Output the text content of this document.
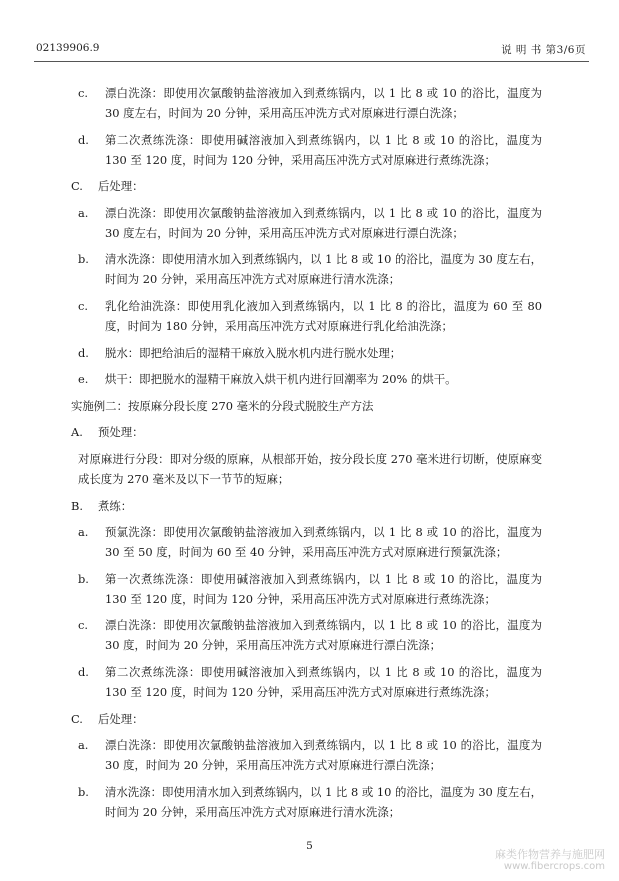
02139906.9	说 明 书 第3/6页
c. 漂白洗涤：即使用次氯酸钠盐溶液加入到煮练锅内，以 1 比 8 或 10 的浴比，温度为 30 度左右，时间为 20 分钟，采用高压冲洗方式对原麻进行漂白洗涤；
d. 第二次煮练洗涤：即使用碱溶液加入到煮练锅内，以 1 比 8 或 10 的浴比，温度为 130 至 120 度，时间为 120 分钟，采用高压冲洗方式对原麻进行煮练洗涤；
C. 后处理：
a. 漂白洗涤：即使用次氯酸钠盐溶液加入到煮练锅内，以 1 比 8 或 10 的浴比，温度为 30 度左右，时间为 20 分钟，采用高压冲洗方式对原麻进行漂白洗涤；
b. 清水洗涤：即使用清水加入到煮练锅内，以 1 比 8 或 10 的浴比，温度为 30 度左右，时间为 20 分钟，采用高压冲洗方式对原麻进行清水洗涤；
c. 乳化给油洗涤：即使用乳化液加入到煮练锅内，以 1 比 8 的浴比，温度为 60 至 80 度，时间为 180 分钟，采用高压冲洗方式对原麻进行乳化给油洗涤；
d. 脱水：即把给油后的湿精干麻放入脱水机内进行脱水处理；
e. 烘干：即把脱水的湿精干麻放入烘干机内进行回潮率为 20% 的烘干。
实施例二：按原麻分段长度 270 毫米的分段式脱胶生产方法
A. 预处理：
对原麻进行分段：即对分级的原麻，从根部开始，按分段长度 270 毫米进行切断，使原麻变成长度为 270 毫米及以下一节节的短麻；
B. 煮练：
a. 预氯洗涤：即使用次氯酸钠盐溶液加入到煮练锅内，以 1 比 8 或 10 的浴比，温度为 30 至 50 度，时间为 60 至 40 分钟，采用高压冲洗方式对原麻进行预氯洗涤；
b. 第一次煮练洗涤：即使用碱溶液加入到煮练锅内，以 1 比 8 或 10 的浴比，温度为 130 至 120 度，时间为 120 分钟，采用高压冲洗方式对原麻进行煮练洗涤；
c. 漂白洗涤：即使用次氯酸钠盐溶液加入到煮练锅内，以 1 比 8 或 10 的浴比，温度为 30 度，时间为 20 分钟，采用高压冲洗方式对原麻进行漂白洗涤；
d. 第二次煮练洗涤：即使用碱溶液加入到煮练锅内，以 1 比 8 或 10 的浴比，温度为 130 至 120 度，时间为 120 分钟，采用高压冲洗方式对原麻进行煮练洗涤；
C. 后处理：
a. 漂白洗涤：即使用次氯酸钠盐溶液加入到煮练锅内，以 1 比 8 或 10 的浴比，温度为 30 度，时间为 20 分钟，采用高压冲洗方式对原麻进行漂白洗涤；
b. 清水洗涤：即使用清水加入到煮练锅内，以 1 比 8 或 10 的浴比，温度为 30 度左右，时间为 20 分钟，采用高压冲洗方式对原麻进行清水洗涤；
5
麻类作物营养与施肥网
www.fibercrops.com
